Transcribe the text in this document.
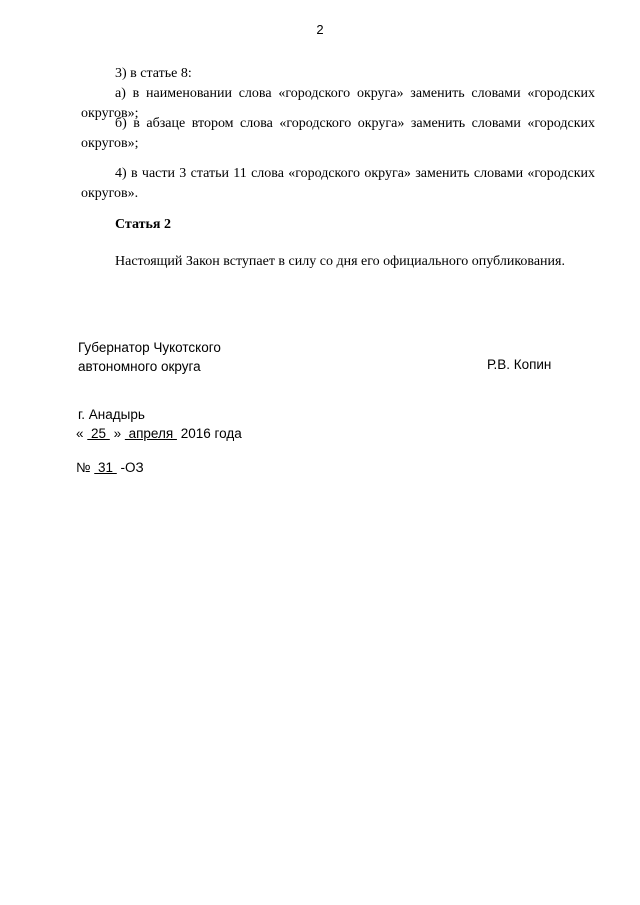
2

3) в статье 8:

а) в наименовании слова «городского округа» заменить словами «городских округов»;

б) в абзаце втором слова «городского округа» заменить словами «городских округов»;

4) в части 3 статьи 11 слова «городского округа» заменить словами «городских округов».

Статья 2

Настоящий Закон вступает в силу со дня его официального опубликования.

Губернатор Чукотского
автономного округа	Р.В. Копин
г. Анадырь
«  25  »  апреля  2016 года
№  31  -ОЗ
